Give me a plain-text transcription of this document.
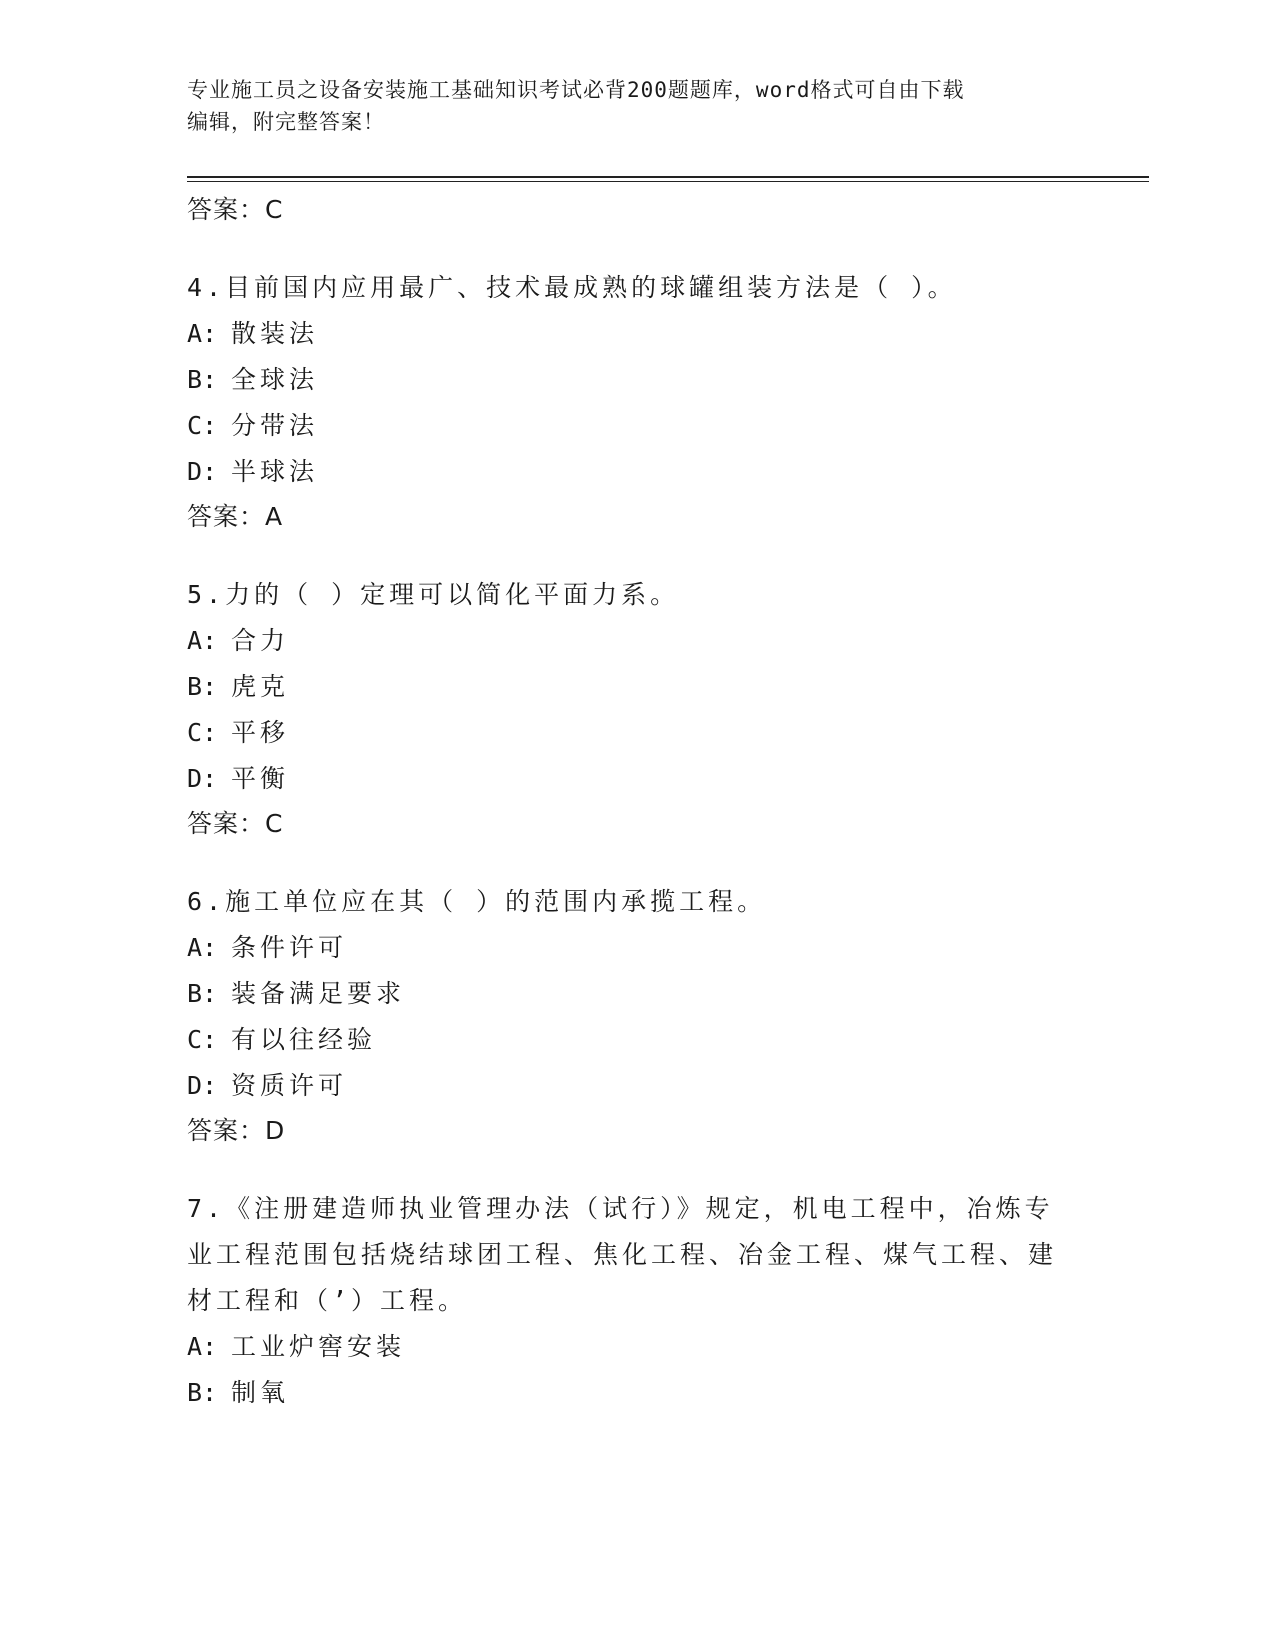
专业施工员之设备安装施工基础知识考试必背200题题库，word格式可自由下载
编辑，附完整答案！
答案：C
4.目前国内应用最广、技术最成熟的球罐组装方法是（ ）。
A: 散装法
B: 全球法
C: 分带法
D: 半球法
答案：A
5.力的（ ）定理可以简化平面力系。
A: 合力
B: 虎克
C: 平移
D: 平衡
答案：C
6.施工单位应在其（ ）的范围内承揽工程。
A: 条件许可
B: 装备满足要求
C: 有以往经验
D: 资质许可
答案：D
7.《注册建造师执业管理办法（试行）》规定，机电工程中，冶炼专
业工程范围包括烧结球团工程、焦化工程、冶金工程、煤气工程、建
材工程和（’）工程。
A: 工业炉窖安装
B: 制氧
